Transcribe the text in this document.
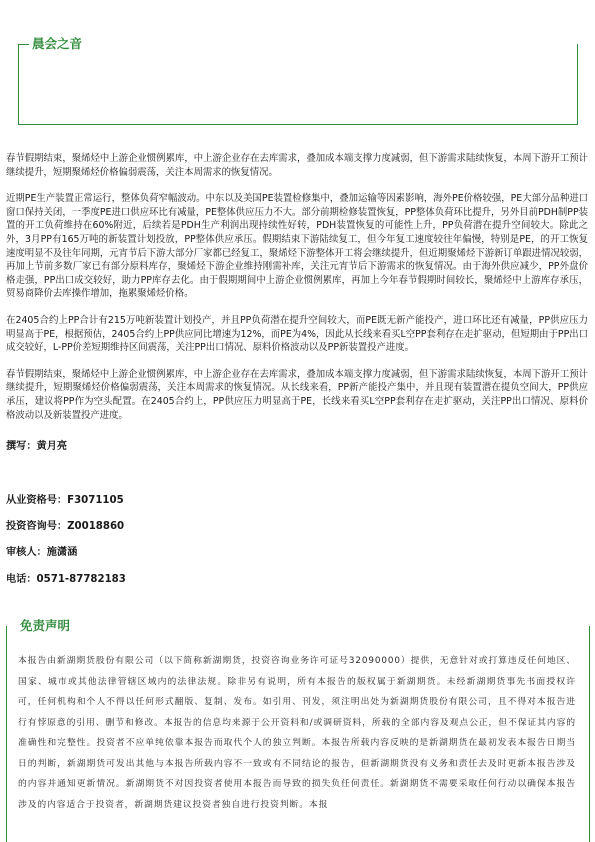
晨会之音

春节假期结束，聚烯烃中上游企业惯例累库，中上游企业存在去库需求，叠加成本端支撑力度减弱，但下游需求陆续恢复，本周下游开工预计继续提升，短期聚烯烃价格偏弱震荡，关注本周需求的恢复情况。

近期PE生产装置正常运行，整体负荷窄幅波动。中东以及美国PE装置检修集中，叠加运输等因素影响，海外PE价格较强，PE大部分品种进口窗口保持关闭，一季度PE进口供应环比有减量，PE整体供应压力不大。部分前期检修装置恢复，PP整体负荷环比提升，另外目前PDH制PP装置的开工负荷维持在60%附近，后续若是PDH生产利润出现持续性好转，PDH装置恢复的可能性上升，PP负荷潜在提升空间较大。除此之外，3月PP有165万吨的新装置计划投放，PP整体供应承压。假期结束下游陆续复工，但今年复工速度较往年偏慢，特别是PE，的开工恢复速度明显不及往年同期，元宵节后下游大部分厂家都已经复工，聚烯烃下游整体开工将会继续提升，但近期聚烯烃下游新订单跟进情况较弱，再加上节前多数厂家已有部分原料库存，聚烯烃下游企业维持刚需补库，关注元宵节后下游需求的恢复情况。由于海外供应减少，PP外盘价格走强，PP出口成交较好，助力PP库存去化。由于假期期间中上游企业惯例累库，再加上今年春节假期时间较长，聚烯烃中上游库存承压，贸易商降价去库操作增加，拖累聚烯烃价格。

在2405合约上PP合计有215万吨新装置计划投产，并且PP负荷潜在提升空间较大，而PE既无新产能投产，进口环比还有减量，PP供应压力明显高于PE，根据预估，2405合约上PP供应同比增速为12%，而PE为4%，因此从长线来看买L空PP套利存在走扩驱动，但短期由于PP出口成交较好，L-PP价差短期维持区间震荡，关注PP出口情况、原料价格波动以及PP新装置投产进度。

春节假期结束，聚烯烃中上游企业惯例累库，中上游企业存在去库需求，叠加成本端支撑力度减弱，但下游需求陆续恢复，本周下游开工预计继续提升，短期聚烯烃价格偏弱震荡，关注本周需求的恢复情况。从长线来看，PP新产能投产集中，并且现有装置潜在提负空间大，PP供应承压，建议将PP作为空头配置。在2405合约上，PP供应压力明显高于PE，长线来看买L空PP套利存在走扩驱动，关注PP出口情况、原料价格波动以及新装置投产进度。

撰写：黄月亮
从业资格号：F3071105
投资咨询号：Z0018860
审核人：施潇涵
电话：0571-87782183
免责声明
本报告由新湖期货股份有限公司（以下简称新湖期货，投资咨询业务许可证号32090000）提供，无意针对或打算违反任何地区、国家、城市或其他法律管辖区域内的法律法规。除非另有说明，所有本报告的版权属于新湖期货。未经新湖期货事先书面授权许可，任何机构和个人不得以任何形式翻版、复制、发布。如引用、刊发，须注明出处为新湖期货股份有限公司，且不得对本报告进行有悖原意的引用、删节和修改。本报告的信息均来源于公开资料和/或调研资料，所载的全部内容及观点公正，但不保证其内容的准确性和完整性。投资者不应单纯依靠本报告而取代个人的独立判断。本报告所载内容反映的是新湖期货在最初发表本报告日期当日的判断，新湖期货可发出其他与本报告所载内容不一致或有不同结论的报告，但新湖期货没有义务和责任去及时更新本报告涉及的内容并通知更新情况。新湖期货不对因投资者使用本报告而导致的损失负任何责任。新湖期货不需要采取任何行动以确保本报告涉及的内容适合于投资者，新湖期货建议投资者独自进行投资判断。本报
